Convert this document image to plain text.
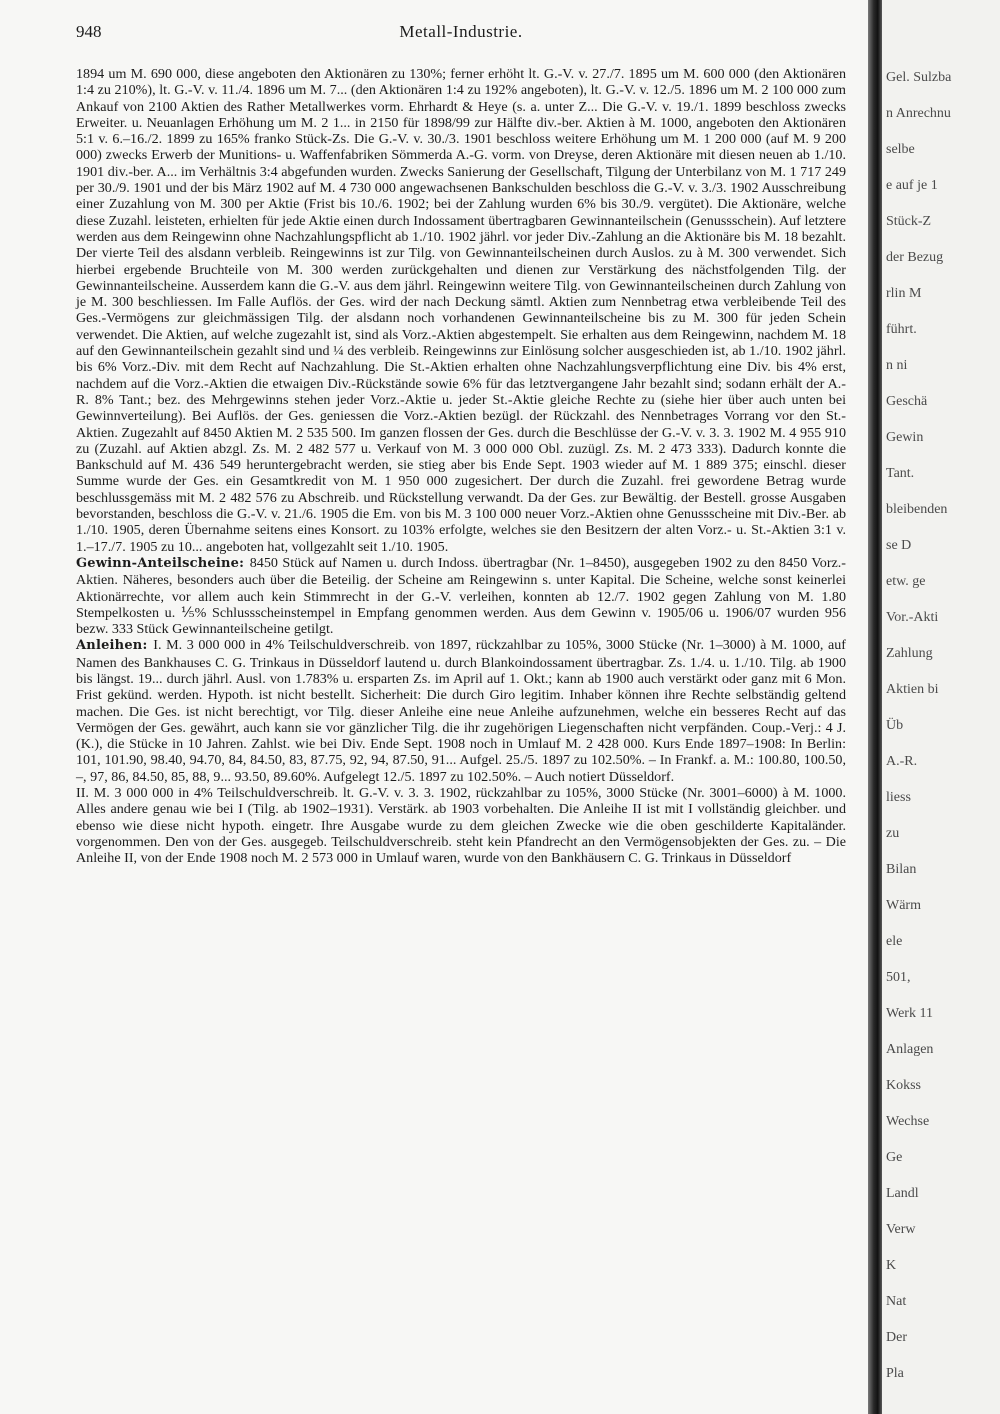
948	Metall-Industrie.

1894 um M. 690 000, diese angeboten den Aktionären zu 130%; ferner erhöht lt. G.-V. v. 27./7. 1895 um M. 600 000 (den Aktionären 1:4 zu 210%), lt. G.-V. v. 11./4. 1896 um M. 7... (den Aktionären 1:4 zu 192% angeboten), lt. G.-V. v. 12./5. 1896 um M. 2 100 000 zum Ankauf von 2100 Aktien des Rather Metallwerkes vorm. Ehrhardt & Heye (s. a. unter Z... Die G.-V. v. 19./1. 1899 beschloss zwecks Erweiter. u. Neuanlagen Erhöhung um M. 2 1... in 2150 für 1898/99 zur Hälfte div.-ber. Aktien à M. 1000, angeboten den Aktionären 5:1 v. 6.–16./2. 1899 zu 165% franko Stück-Zs. Die G.-V. v. 30./3. 1901 beschloss weitere Erhöhung um M. 1 200 000 (auf M. 9 200 000) zwecks Erwerb der Munitions- u. Waffenfabriken Sömmerda A.-G. vorm. von Dreyse, deren Aktionäre mit diesen neuen ab 1./10. 1901 div.-ber. A... im Verhältnis 3:4 abgefunden wurden. Zwecks Sanierung der Gesellschaft, Tilgung der Unterbilanz von M. 1 717 249 per 30./9. 1901 und der bis März 1902 auf M. 4 730 000 angewachsenen Bankschulden beschloss die G.-V. v. 3./3. 1902 Ausschreibung einer Zuzahlung von M. 300 per Aktie (Frist bis 10./6. 1902; bei der Zahlung wurden 6% bis 30./9. vergütet). Die Aktionäre, welche diese Zuzahl. leisteten, erhielten für jede Aktie einen durch Indossament übertragbaren Gewinnanteilschein (Genussschein). Auf letztere werden aus dem Reingewinn ohne Nachzahlungspflicht ab 1./10. 1902 jährl. vor jeder Div.-Zahlung an die Aktionäre bis M. 18 bezahlt. Der vierte Teil des alsdann verbleib. Reingewinns ist zur Tilg. von Gewinnanteilscheinen durch Auslos. zu à M. 300 verwendet. Sich hierbei ergebende Bruchteile von M. 300 werden zurückgehalten und dienen zur Verstärkung des nächstfolgenden Tilg. der Gewinnanteilscheine. Ausserdem kann die G.-V. aus dem jährl. Reingewinn weitere Tilg. von Gewinnanteilscheinen durch Zahlung von je M. 300 beschliessen. Im Falle Auflös. der Ges. wird der nach Deckung sämtl. Aktien zum Nennbetrag etwa verbleibende Teil des Ges.-Vermögens zur gleichmässigen Tilg. der alsdann noch vorhandenen Gewinnanteilscheine bis zu M. 300 für jeden Schein verwendet. Die Aktien, auf welche zugezahlt ist, sind als Vorz.-Aktien abgestempelt. Sie erhalten aus dem Reingewinn, nachdem M. 18 auf den Gewinnanteilschein gezahlt sind und ¼ des verbleib. Reingewinns zur Einlösung solcher ausgeschieden ist, ab 1./10. 1902 jährl. bis 6% Vorz.-Div. mit dem Recht auf Nachzahlung. Die St.-Aktien erhalten ohne Nachzahlungsverpflichtung eine Div. bis 4% erst, nachdem auf die Vorz.-Aktien die etwaigen Div.-Rückstände sowie 6% für das letztvergangene Jahr bezahlt sind; sodann erhält der A.-R. 8% Tant.; bez. des Mehrgewinns stehen jeder Vorz.-Aktie u. jeder St.-Aktie gleiche Rechte zu (siehe hier über auch unten bei Gewinnverteilung). Bei Auflös. der Ges. geniessen die Vorz.-Aktien bezügl. der Rückzahl. des Nennbetrages Vorrang vor den St.-Aktien. Zugezahlt auf 8450 Aktien M. 2 535 500. Im ganzen flossen der Ges. durch die Beschlüsse der G.-V. v. 3. 3. 1902 M. 4 955 910 zu (Zuzahl. auf Aktien abzgl. Zs. M. 2 482 577 u. Verkauf von M. 3 000 000 Obl. zuzügl. Zs. M. 2 473 333). Dadurch konnte die Bankschuld auf M. 436 549 heruntergebracht werden, sie stieg aber bis Ende Sept. 1903 wieder auf M. 1 889 375; einschl. dieser Summe wurde der Ges. ein Gesamtkredit von M. 1 950 000 zugesichert. Der durch die Zuzahl. frei gewordene Betrag wurde beschlussgemäss mit M. 2 482 576 zu Abschreib. und Rückstellung verwandt. Da der Ges. zur Bewältig. der Bestell. grosse Ausgaben bevorstanden, beschloss die G.-V. v. 21./6. 1905 die Em. von bis M. 3 100 000 neuer Vorz.-Aktien ohne Genussscheine mit Div.-Ber. ab 1./10. 1905, deren Übernahme seitens eines Konsort. zu 103% erfolgte, welches sie den Besitzern der alten Vorz.- u. St.-Aktien 3:1 v. 1.–17./7. 1905 zu 10... angeboten hat, vollgezahlt seit 1./10. 1905.

Gewinn-Anteilscheine: 8450 Stück auf Namen u. durch Indoss. übertragbar (Nr. 1–8450), ausgegeben 1902 zu den 8450 Vorz.-Aktien. Näheres, besonders auch über die Beteilig. der Scheine am Reingewinn s. unter Kapital. Die Scheine, welche sonst keinerlei Aktionärrechte, vor allem auch kein Stimmrecht in der G.-V. verleihen, konnten ab 12./7. 1902 gegen Zahlung von M. 1.80 Stempelkosten u. ⅕% Schlussscheinstempel in Empfang genommen werden. Aus dem Gewinn v. 1905/06 u. 1906/07 wurden 956 bezw. 333 Stück Gewinnanteilscheine getilgt.

Anleihen: I. M. 3 000 000 in 4% Teilschuldverschreib. von 1897, rückzahlbar zu 105%, 3000 Stücke (Nr. 1–3000) à M. 1000, auf Namen des Bankhauses C. G. Trinkaus in Düsseldorf lautend u. durch Blankoindossament übertragbar. Zs. 1./4. u. 1./10. Tilg. ab 1900 bis längst. 19... durch jährl. Ausl. von 1.783% u. ersparten Zs. im April auf 1. Okt.; kann ab 1900 auch verstärkt oder ganz mit 6 Mon. Frist gekünd. werden. Hypoth. ist nicht bestellt. Sicherheit: Die durch Giro legitim. Inhaber können ihre Rechte selbständig geltend machen. Die Ges. ist nicht berechtigt, vor Tilg. dieser Anleihe eine neue Anleihe aufzunehmen, welche ein besseres Recht auf das Vermögen der Ges. gewährt, auch kann sie vor gänzlicher Tilg. die ihr zugehörigen Liegenschaften nicht verpfänden. Coup.-Verj.: 4 J. (K.), die Stücke in 10 Jahren. Zahlst. wie bei Div. Ende Sept. 1908 noch in Umlauf M. 2 428 000. Kurs Ende 1897–1908: In Berlin: 101, 101.90, 98.40, 94.70, 84, 84.50, 83, 87.75, 92, 94, 87.50, 91... Aufgel. 25./5. 1897 zu 102.50%. – In Frankf. a. M.: 100.80, 100.50, –, 97, 86, 84.50, 85, 88, 9... 93.50, 89.60%. Aufgelegt 12./5. 1897 zu 102.50%. – Auch notiert Düsseldorf.

II. M. 3 000 000 in 4% Teilschuldverschreib. lt. G.-V. v. 3. 3. 1902, rückzahlbar zu 105%, 3000 Stücke (Nr. 3001–6000) à M. 1000. Alles andere genau wie bei I (Tilg. ab 1902–1931). Verstärk. ab 1903 vorbehalten. Die Anleihe II ist mit I vollständig gleichber. und ebenso wie diese nicht hypoth. eingetr. Ihre Ausgabe wurde zu dem gleichen Zwecke wie die oben geschilderte Kapitaländer. vorgenommen. Den von der Ges. ausgegeb. Teilschuldverschreib. steht kein Pfandrecht an den Vermögensobjekten der Ges. zu. – Die Anleihe II, von der Ende 1908 noch M. 2 573 000 in Umlauf waren, wurde von den Bankhäusern C. G. Trinkaus in Düsseldorf

Gel. Sulzba
n Anrechnu
selbe
e auf je 1
Stück-Z
der Bezug
rlin M
führt.
n ni
Geschä
Gewin
Tant.
bleibenden
se D
etw. ge
Vor.-Akti
Zahlung
Aktien bi
Üb
A.-R.
liess
zu
Bilan
Wärm
ele
501,
Werk 11
Anlagen
Kokss
Wechse
Ge
Landl
Verw
K
Nat
Der
Pla
